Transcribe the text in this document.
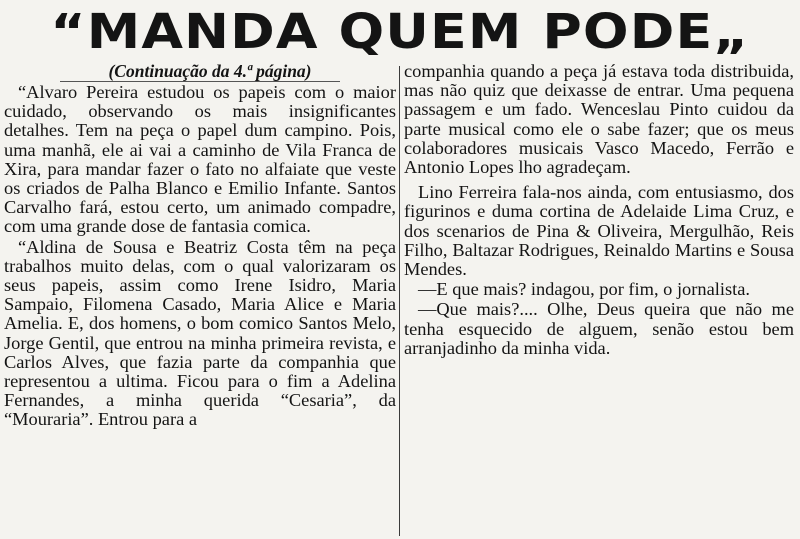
“MANDA QUEM PODE„
(Continuação da 4.ª página)

“Alvaro Pereira estudou os papeis com o maior cuidado, observando os mais insignificantes detalhes. Tem na peça o papel dum campino. Pois, uma manhã, ele ai vai a caminho de Vila Franca de Xira, para mandar fazer o fato no alfaiate que veste os criados de Palha Blanco e Emilio Infante. Santos Carvalho fará, estou certo, um animado compadre, com uma grande dose de fantasia comica.

“Aldina de Sousa e Beatriz Costa têm na peça trabalhos muito delas, com o qual valorizaram os seus papeis, assim como Irene Isidro, Maria Sampaio, Filomena Casado, Maria Alice e Maria Amelia. E, dos homens, o bom comico Santos Melo, Jorge Gentil, que entrou na minha primeira revista, e Carlos Alves, que fazia parte da companhia que representou a ultima. Ficou para o fim a Adelina Fernandes, a minha querida “Cesaria”, da “Mouraria”. Entrou para a

companhia quando a peça já estava toda distribuida, mas não quiz que deixasse de entrar. Uma pequena passagem e um fado. Wenceslau Pinto cuidou da parte musical como ele o sabe fazer; que os meus colaboradores musicais Vasco Macedo, Ferrão e Antonio Lopes lho agradeçam.

Lino Ferreira fala-nos ainda, com entusiasmo, dos figurinos e duma cortina de Adelaide Lima Cruz, e dos scenarios de Pina & Oliveira, Mergulhão, Reis Filho, Baltazar Rodrigues, Reinaldo Martins e Sousa Mendes.

—E que mais? indagou, por fim, o jornalista.

—Que mais?.... Olhe, Deus queira que não me tenha esquecido de alguem, senão estou bem arranjadinho da minha vida.
